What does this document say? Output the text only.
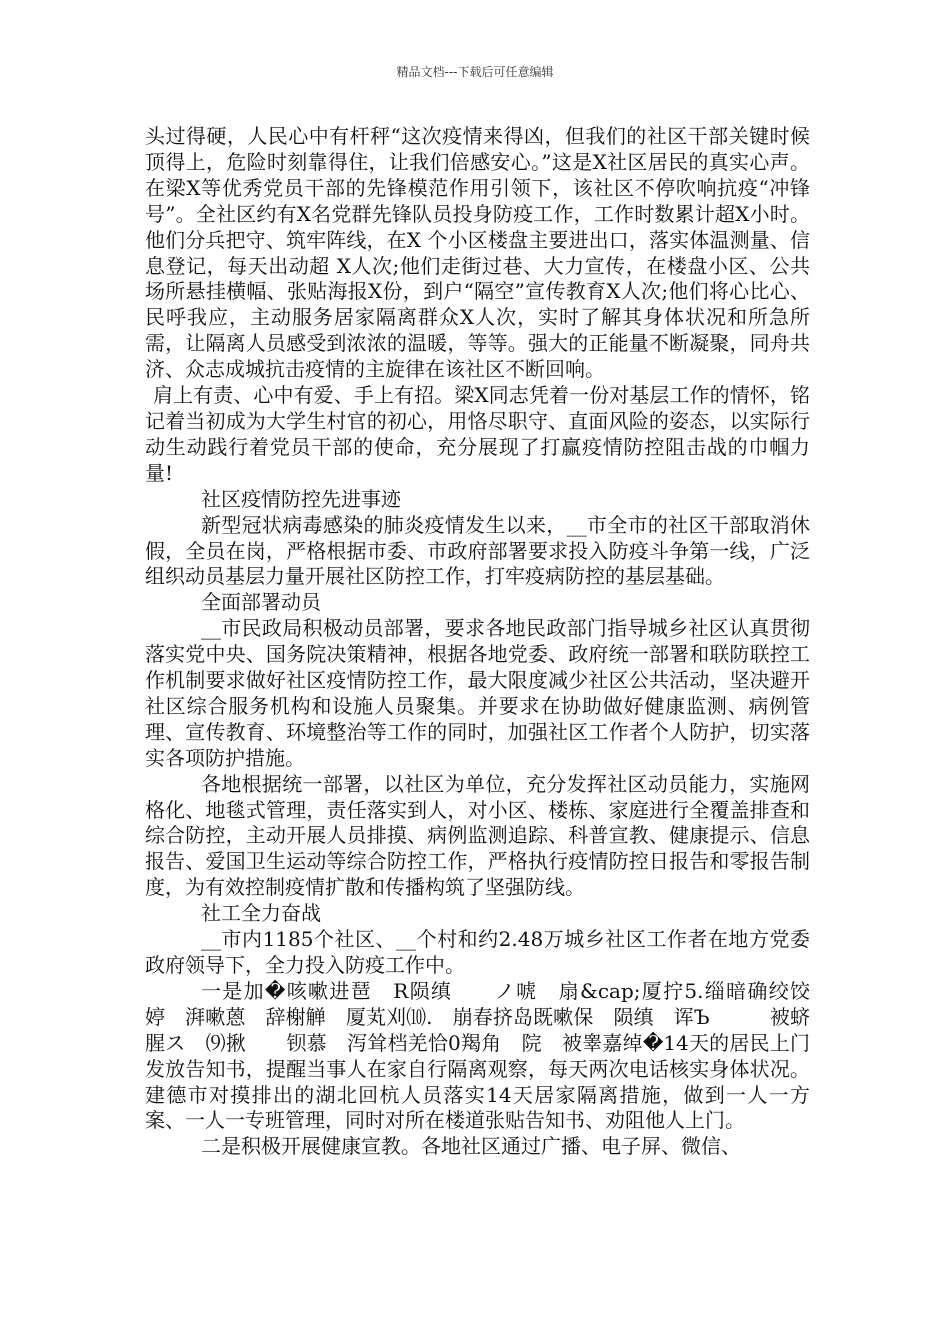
精品文档---下载后可任意编辑

头过得硬，人民心中有杆秤“这次疫情来得凶，但我们的社区干部关键时候顶得上，危险时刻靠得住，让我们倍感安心。”这是X社区居民的真实心声。在梁X等优秀党员干部的先锋模范作用引领下，该社区不停吹响抗疫“冲锋号”。全社区约有X名党群先锋队员投身防疫工作，工作时数累计超X小时。他们分兵把守、筑牢阵线，在X 个小区楼盘主要进出口，落实体温测量、信息登记，每天出动超 X人次;他们走街过巷、大力宣传，在楼盘小区、公共场所悬挂横幅、张贴海报X份，到户“隔空”宣传教育X人次;他们将心比心、民呼我应，主动服务居家隔离群众X人次，实时了解其身体状况和所急所需，让隔离人员感受到浓浓的温暖，等等。强大的正能量不断凝聚，同舟共济、众志成城抗击疫情的主旋律在该社区不断回响。

肩上有责、心中有爱、手上有招。梁X同志凭着一份对基层工作的情怀，铭记着当初成为大学生村官的初心，用恪尽职守、直面风险的姿态，以实际行动生动践行着党员干部的使命，充分展现了打赢疫情防控阻击战的巾帼力量!

社区疫情防控先进事迹

新型冠状病毒感染的肺炎疫情发生以来，__市全市的社区干部取消休假，全员在岗，严格根据市委、市政府部署要求投入防疫斗争第一线，广泛组织动员基层力量开展社区防控工作，打牢疫病防控的基层基础。

全面部署动员

__市民政局积极动员部署，要求各地民政部门指导城乡社区认真贯彻落实党中央、国务院决策精神，根据各地党委、政府统一部署和联防联控工作机制要求做好社区疫情防控工作，最大限度减少社区公共活动，坚决避开社区综合服务机构和设施人员聚集。并要求在协助做好健康监测、病例管理、宣传教育、环境整治等工作的同时，加强社区工作者个人防护，切实落实各项防护措施。

各地根据统一部署，以社区为单位，充分发挥社区动员能力，实施网格化、地毯式管理，责任落实到人，对小区、楼栋、家庭进行全覆盖排查和综合防控，主动开展人员排摸、病例监测追踪、科普宣教、健康提示、信息报告、爱国卫生运动等综合防控工作，严格执行疫情防控日报告和零报告制度，为有效控制疫情扩散和传播构筑了坚强防线。

社工全力奋战

__市内1185个社区、__个村和约2.48万城乡社区工作者在地方党委政府领导下，全力投入防疫工作中。

一是加�咳嗽进琶　R陨缜　　ノ唬　扇&cap;厦拧5.缁暗确绞饺　婷　湃嗽蒽　辞榭觯　厦芄刈⑽.　崩春挤岛既嗽保　陨缜　诨Ъ　　　被蛴腥ス　⑼揪　　钡慕　泻耸档羌恰0羯角　院　被睾嘉绰�14天的居民上门发放告知书，提醒当事人在家自行隔离观察，每天两次电话核实身体状况。建德市对摸排出的湖北回杭人员落实14天居家隔离措施，做到一人一方案、一人一专班管理，同时对所在楼道张贴告知书、劝阻他人上门。

二是积极开展健康宣教。各地社区通过广播、电子屏、微信、
